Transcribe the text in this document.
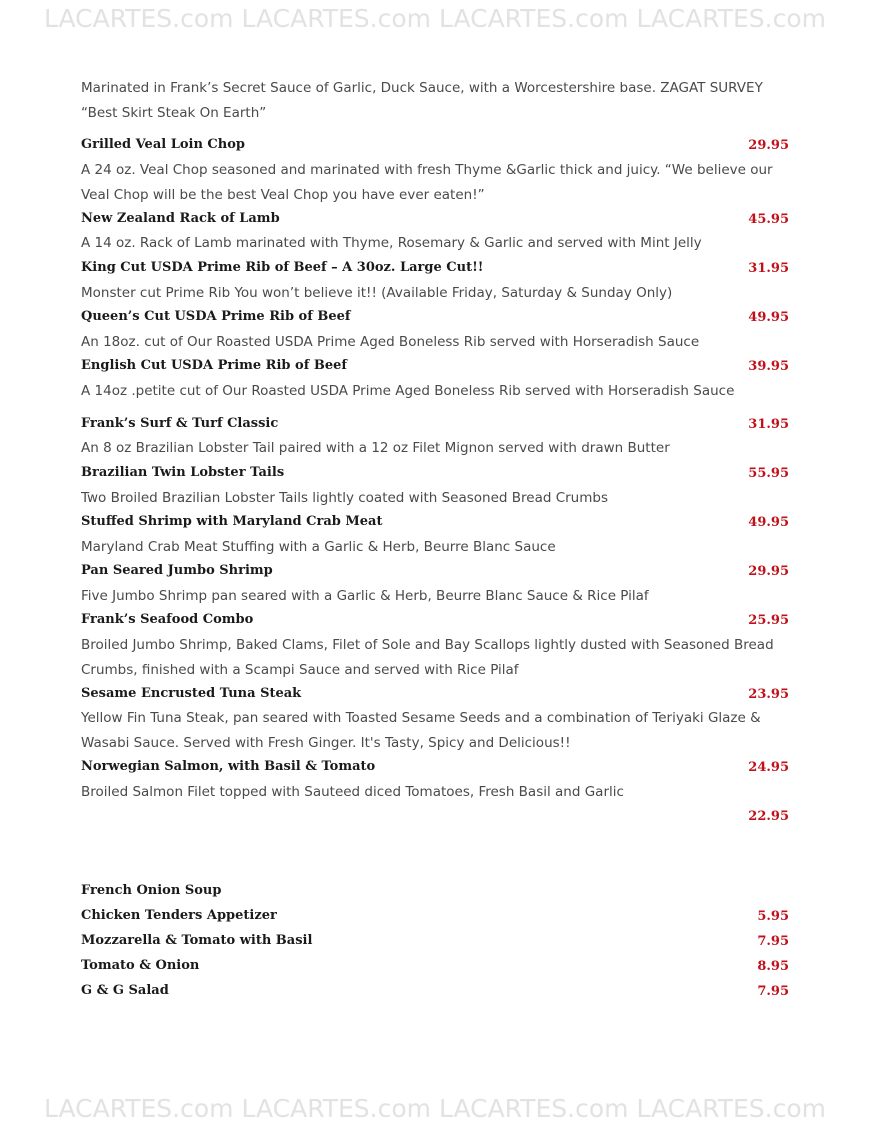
LACARTES.com LACARTES.com LACARTES.com LACARTES.com
Marinated in Frank’s Secret Sauce of Garlic, Duck Sauce, with a Worcestershire base. ZAGAT SURVEY “Best Skirt Steak On Earth”
Grilled Veal Loin Chop	29.95
A 24 oz. Veal Chop seasoned and marinated with fresh Thyme &Garlic thick and juicy. “We believe our Veal Chop will be the best Veal Chop you have ever eaten!”
New Zealand Rack of Lamb	45.95
A 14 oz. Rack of Lamb marinated with Thyme, Rosemary & Garlic and served with Mint Jelly
King Cut USDA Prime Rib of Beef – A 30oz. Large Cut!!	31.95
Monster cut Prime Rib You won’t believe it!! (Available Friday, Saturday & Sunday Only)
Queen’s Cut USDA Prime Rib of Beef	49.95
An 18oz. cut of Our Roasted USDA Prime Aged Boneless Rib served with Horseradish Sauce
English Cut USDA Prime Rib of Beef	39.95
A 14oz .petite cut of Our Roasted USDA Prime Aged Boneless Rib served with Horseradish Sauce
Frank’s Surf & Turf Classic	31.95
An 8 oz Brazilian Lobster Tail paired with a 12 oz Filet Mignon served with drawn Butter
Brazilian Twin Lobster Tails	55.95
Two Broiled Brazilian Lobster Tails lightly coated with Seasoned Bread Crumbs
Stuffed Shrimp with Maryland Crab Meat	49.95
Maryland Crab Meat Stuffing with a Garlic & Herb, Beurre Blanc Sauce
Pan Seared Jumbo Shrimp	29.95
Five Jumbo Shrimp pan seared with a Garlic & Herb, Beurre Blanc Sauce & Rice Pilaf
Frank’s Seafood Combo	25.95
Broiled Jumbo Shrimp, Baked Clams, Filet of Sole and Bay Scallops lightly dusted with Seasoned Bread Crumbs, finished with a Scampi Sauce and served with Rice Pilaf
Sesame Encrusted Tuna Steak	23.95
Yellow Fin Tuna Steak, pan seared with Toasted Sesame Seeds and a combination of Teriyaki Glaze & Wasabi Sauce. Served with Fresh Ginger. It's Tasty, Spicy and Delicious!!
Norwegian Salmon, with Basil & Tomato	24.95
Broiled Salmon Filet topped with Sauteed diced Tomatoes, Fresh Basil and Garlic
22.95
French Onion Soup
Chicken Tenders Appetizer	5.95
Mozzarella & Tomato with Basil	7.95
Tomato & Onion	8.95
G & G Salad	7.95
LACARTES.com LACARTES.com LACARTES.com LACARTES.com
